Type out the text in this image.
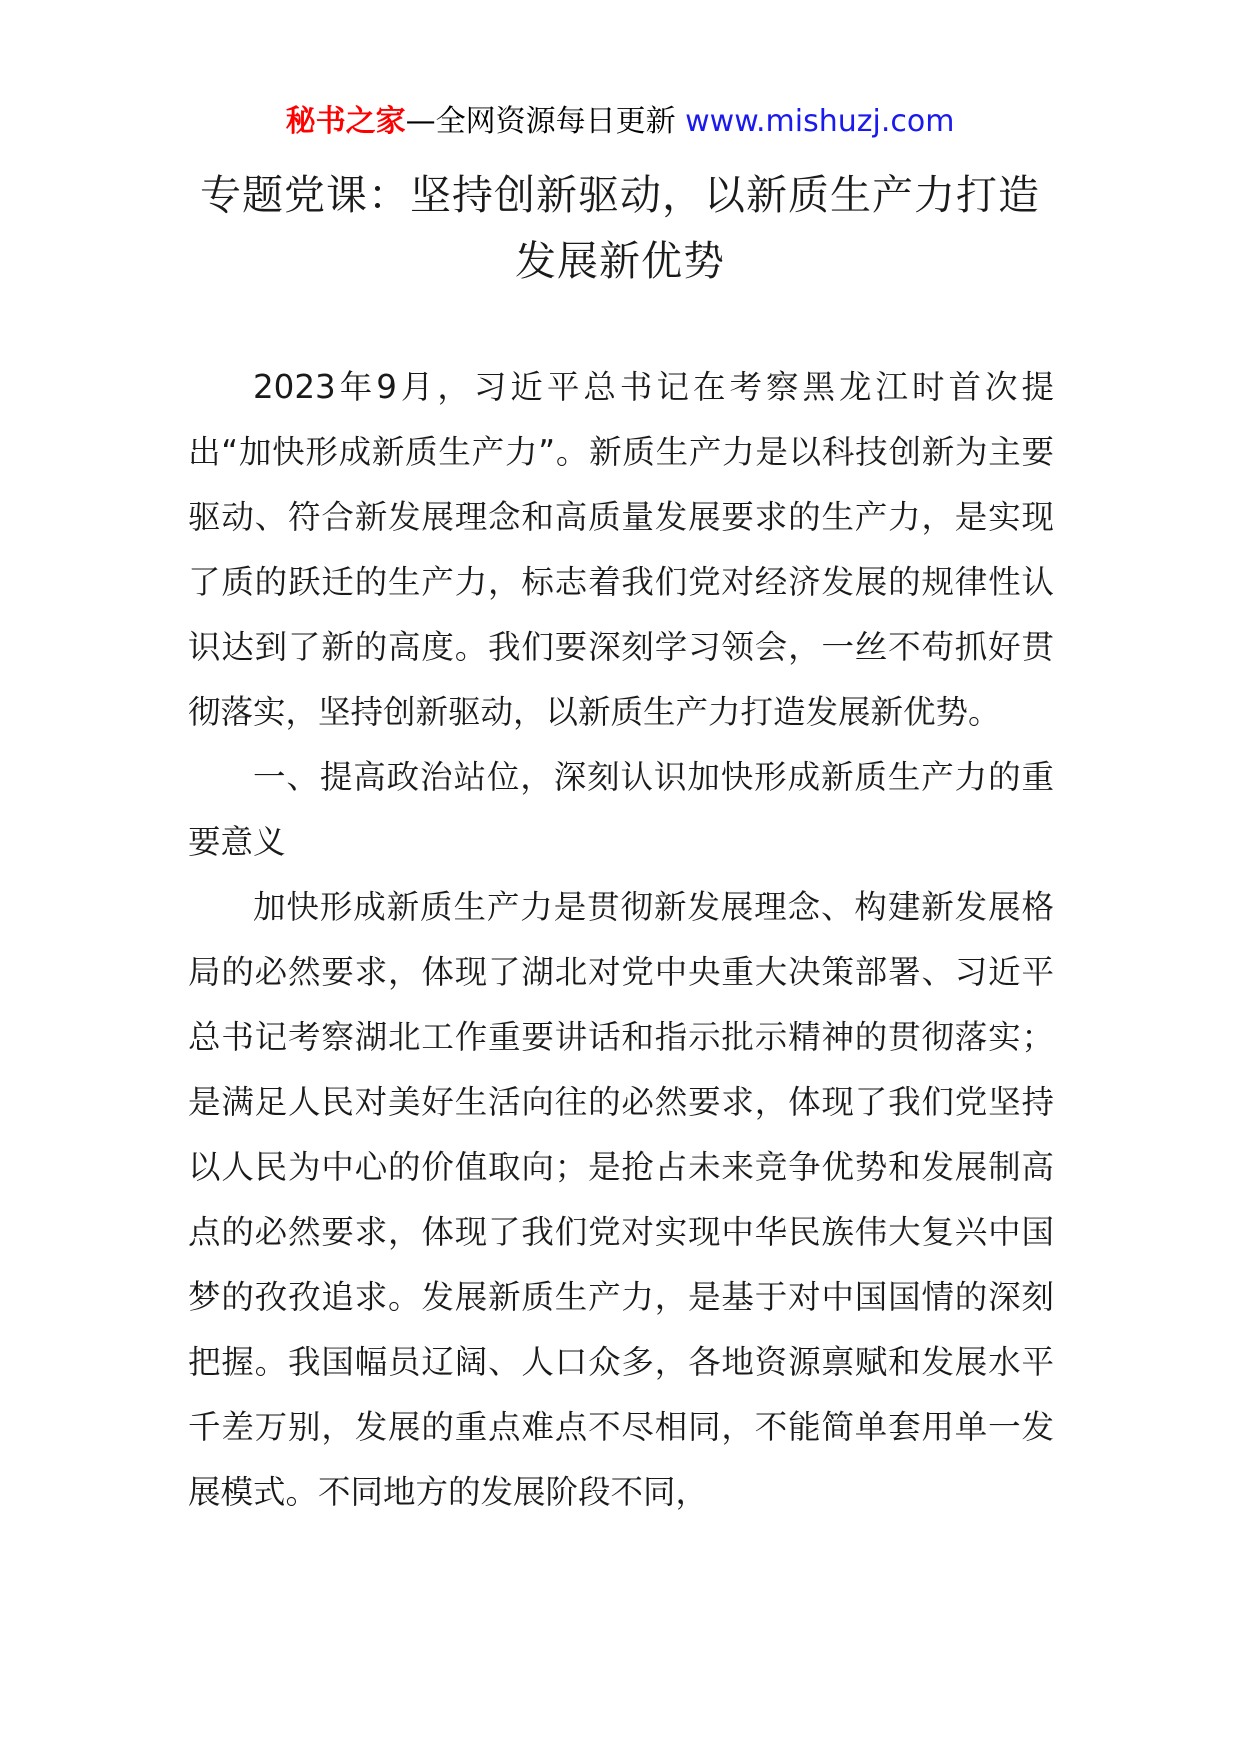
秘书之家—全网资源每日更新 www.mishuzj.com
专题党课：坚持创新驱动，以新质生产力打造
发展新优势

2023年9月，习近平总书记在考察黑龙江时首次提出“加快形成新质生产力”。新质生产力是以科技创新为主要驱动、符合新发展理念和高质量发展要求的生产力，是实现了质的跃迁的生产力，标志着我们党对经济发展的规律性认识达到了新的高度。我们要深刻学习领会，一丝不苟抓好贯彻落实，坚持创新驱动，以新质生产力打造发展新优势。

一、提高政治站位，深刻认识加快形成新质生产力的重要意义

加快形成新质生产力是贯彻新发展理念、构建新发展格局的必然要求，体现了湖北对党中央重大决策部署、习近平总书记考察湖北工作重要讲话和指示批示精神的贯彻落实；是满足人民对美好生活向往的必然要求，体现了我们党坚持以人民为中心的价值取向；是抢占未来竞争优势和发展制高点的必然要求，体现了我们党对实现中华民族伟大复兴中国梦的孜孜追求。发展新质生产力，是基于对中国国情的深刻把握。我国幅员辽阔、人口众多，各地资源禀赋和发展水平千差万别，发展的重点难点不尽相同，不能简单套用单一发展模式。不同地方的发展阶段不同，
